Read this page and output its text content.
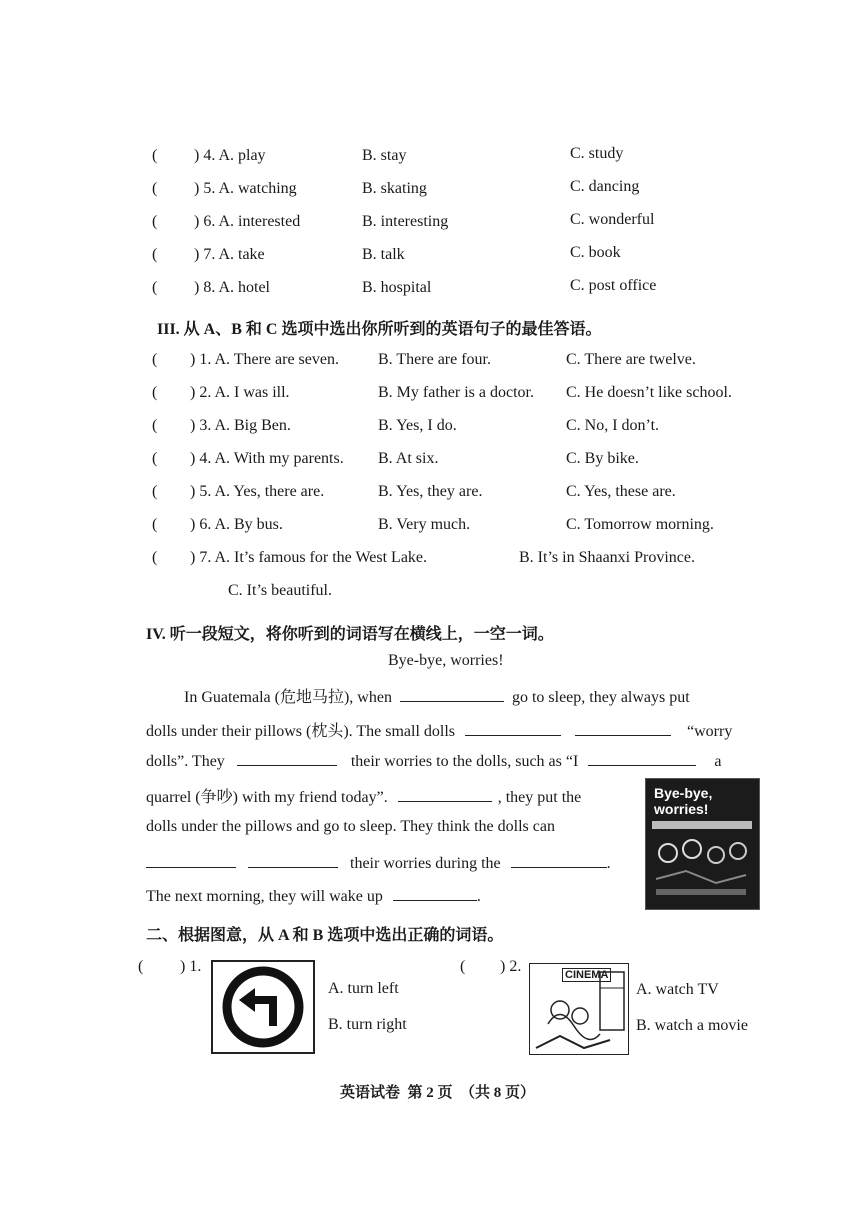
( ) 4. A. play	B. stay	C. study
( ) 5. A. watching	B. skating	C. dancing
( ) 6. A. interested	B. interesting	C. wonderful
( ) 7. A. take	B. talk	C. book
( ) 8. A. hotel	B. hospital	C. post office
III. 从 A、B 和 C 选项中选出你所听到的英语句子的最佳答语。
( ) 1. A. There are seven. B. There are four.	C. There are twelve.
( ) 2. A. I was ill.	B. My father is a doctor. C. He doesn’t like school.
( ) 3. A. Big Ben.	B. Yes, I do.	C. No, I don’t.
( ) 4. A. With my parents. B. At six.	C. By bike.
( ) 5. A. Yes, there are.	B. Yes, they are.	C. Yes, these are.
( ) 6. A. By bus.	B. Very much.	C. Tomorrow morning.
( ) 7. A. It’s famous for the West Lake.	B. It’s in Shaanxi Province.
C. It’s beautiful.
IV. 听一段短文，将你听到的词语写在横线上，一空一词。
Bye-bye, worries!
In Guatemala (危地马拉), when	go to sleep, they always put
dolls under their pillows (枕头). The small dolls	“worry
dolls”. They	their worries to the dolls, such as “I	a
quarrel (争吵) with my friend today”.	, they put the
dolls under the pillows and go to sleep. They think the dolls can
their worries during the	.
The next morning, they will wake up	.
Bye-bye,
worries!
二、根据图意，从 A 和 B 选项中选出正确的词语。
( ) 1.
A. turn left
B. turn right
( ) 2.	CINEMA
A. watch TV
B. watch a movie
英语试卷  第 2 页  （共 8 页）
